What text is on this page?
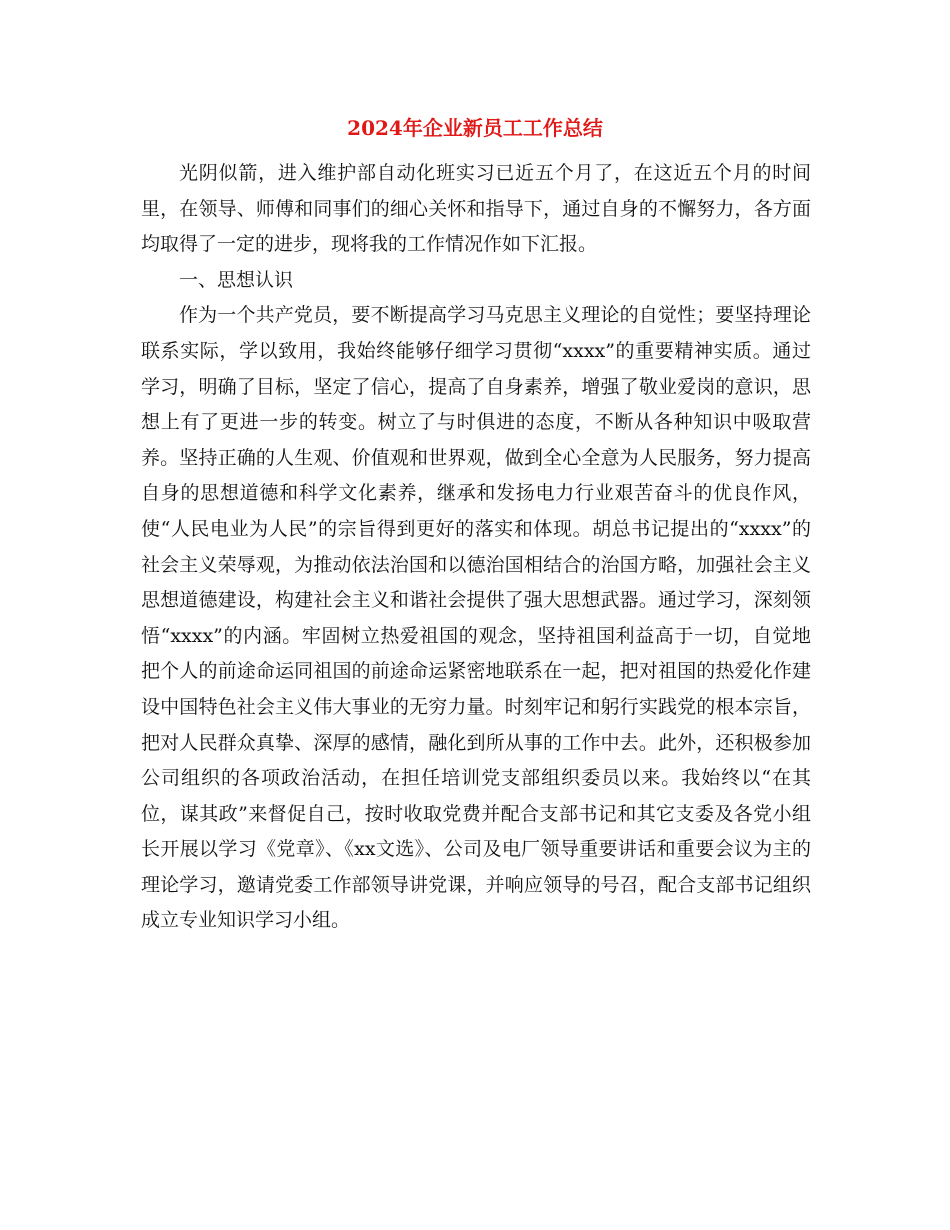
2024年企业新员工工作总结

光阴似箭，进入维护部自动化班实习已近五个月了，在这近五个月的时间里，在领导、师傅和同事们的细心关怀和指导下，通过自身的不懈努力，各方面均取得了一定的进步，现将我的工作情况作如下汇报。

一、思想认识

作为一个共产党员，要不断提高学习马克思主义理论的自觉性；要坚持理论联系实际，学以致用，我始终能够仔细学习贯彻“xxxx”的重要精神实质。通过学习，明确了目标，坚定了信心，提高了自身素养，增强了敬业爱岗的意识，思想上有了更进一步的转变。树立了与时俱进的态度，不断从各种知识中吸取营养。坚持正确的人生观、价值观和世界观，做到全心全意为人民服务，努力提高自身的思想道德和科学文化素养，继承和发扬电力行业艰苦奋斗的优良作风，使“人民电业为人民”的宗旨得到更好的落实和体现。胡总书记提出的“xxxx”的社会主义荣辱观，为推动依法治国和以德治国相结合的治国方略，加强社会主义思想道德建设，构建社会主义和谐社会提供了强大思想武器。通过学习，深刻领悟“xxxx”的内涵。牢固树立热爱祖国的观念，坚持祖国利益高于一切，自觉地把个人的前途命运同祖国的前途命运紧密地联系在一起，把对祖国的热爱化作建设中国特色社会主义伟大事业的无穷力量。时刻牢记和躬行实践党的根本宗旨，把对人民群众真挚、深厚的感情，融化到所从事的工作中去。此外，还积极参加公司组织的各项政治活动，在担任培训党支部组织委员以来。我始终以“在其位，谋其政”来督促自己，按时收取党费并配合支部书记和其它支委及各党小组长开展以学习《党章》、《xx文选》、公司及电厂领导重要讲话和重要会议为主的理论学习，邀请党委工作部领导讲党课，并响应领导的号召，配合支部书记组织成立专业知识学习小组。
